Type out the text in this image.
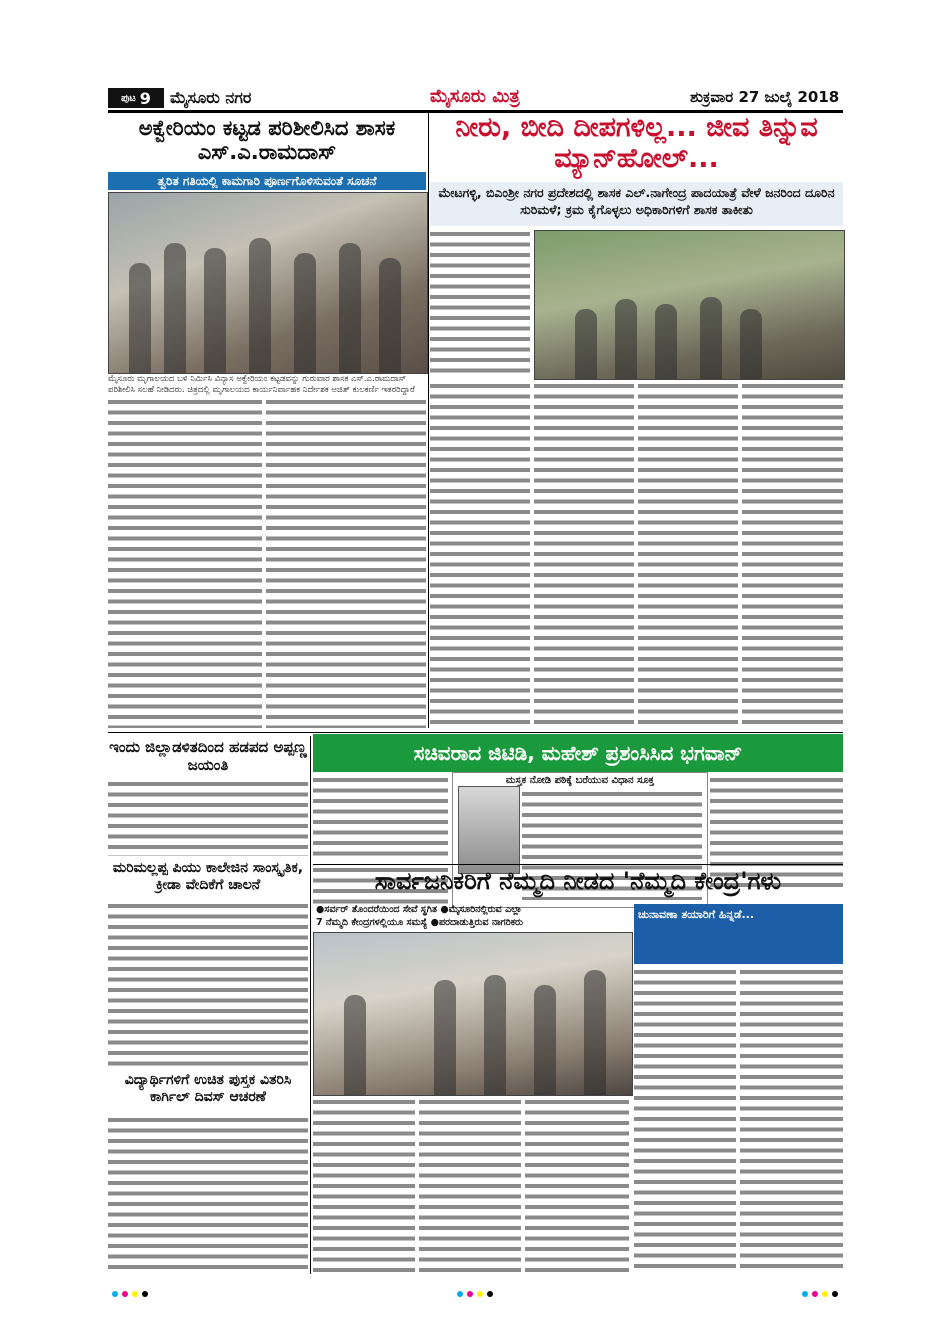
ಪುಟ 9 ಮೈಸೂರು ನಗರ	ಮೈಸೂರು ಮಿತ್ರ	ಶುಕ್ರವಾರ 27 ಜುಲೈ 2018
ಅಕ್ವೇರಿಯಂ ಕಟ್ಟಡ ಪರಿಶೀಲಿಸಿದ ಶಾಸಕ ಎಸ್.ಎ.ರಾಮದಾಸ್
ತ್ವರಿತ ಗತಿಯಲ್ಲಿ ಕಾಮಗಾರಿ ಪೂರ್ಣಗೊಳಿಸುವಂತೆ ಸೂಚನೆ
ಮೈಸೂರು ಮೃಗಾಲಯದ ಬಳಿ ನಿರ್ಮಿಸಿ ವಿನ್ಯಾಸ ಅಕ್ವೇರಿಯಂ ಕಟ್ಟಡವನ್ನು ಗುರುವಾರ ಶಾಸಕ ಎಸ್.ಎ.ರಾಮದಾಸ್ ಪರಿಶೀಲಿಸಿ ಸಲಹೆ ನೀಡಿದರು. ಚಿತ್ರದಲ್ಲಿ ಮೃಗಾಲಯದ ಕಾರ್ಯನಿರ್ವಾಹಕ ನಿರ್ದೇಶಕ ಅಜಿತ್ ಕುಲಕರ್ಣಿ ಇತರರಿದ್ದಾರೆ
ನೀರು, ಬೀದಿ ದೀಪಗಳಿಲ್ಲ... ಜೀವ ತಿನ್ನುವ ಮ್ಯಾನ್‌ಹೋಲ್...
ಮೇಟಗಳ್ಳಿ, ಬಿಎಂಶ್ರೀ ನಗರ ಪ್ರದೇಶದಲ್ಲಿ ಶಾಸಕ ಎಲ್.ನಾಗೇಂದ್ರ ಪಾದಯಾತ್ರೆ ವೇಳೆ ಜನರಿಂದ ದೂರಿನ ಸುರಿಮಳೆ; ಕ್ರಮ ಕೈಗೊಳ್ಳಲು ಅಧಿಕಾರಿಗಳಿಗೆ ಶಾಸಕ ತಾಕೀತು
ಇಂದು ಜಿಲ್ಲಾಡಳಿತದಿಂದ ಹಡಪದ ಅಪ್ಪಣ್ಣ ಜಯಂತಿ
ಮರಿಮಲ್ಲಪ್ಪ ಪಿಯು ಕಾಲೇಜಿನ ಸಾಂಸ್ಕೃತಿಕ, ಕ್ರೀಡಾ ವೇದಿಕೆಗೆ ಚಾಲನೆ
ವಿದ್ಯಾರ್ಥಿಗಳಿಗೆ ಉಚಿತ ಪುಸ್ತಕ ವಿತರಿಸಿ ಕಾರ್ಗಿಲ್ ದಿವಸ್ ಆಚರಣೆ
ಸಚಿವರಾದ ಜಿಟಿಡಿ, ಮಹೇಶ್ ಪ್ರಶಂಸಿಸಿದ ಭಗವಾನ್
ಮಸ್ತಕ ನೋಡಿ ಪಠಿಕ್ಕೆ ಬರೆಯುವ ವಿಧಾನ ಸೂಕ್ತ
ಸಾರ್ವಜನಿಕರಿಗೆ ನೆಮ್ಮದಿ ನೀಡದ 'ನೆಮ್ಮದಿ ಕೇಂದ್ರ'ಗಳು
●ಸರ್ವರ್ ತೊಂದರೆಯಿಂದ ಸೇವೆ ಸ್ಥಗಿತ ●ಮೈಸೂರಿನಲ್ಲಿರುವ ಎಲ್ಲಾ
7 ನೆಮ್ಮದಿ ಕೇಂದ್ರಗಳಲ್ಲಿಯೂ ಸಮಸ್ಯೆ ●ಪರದಾಡುತ್ತಿರುವ ನಾಗರಿಕರು
ಚುನಾವಣಾ ತಯಾರಿಗೆ ಹಿನ್ನಡೆ...
